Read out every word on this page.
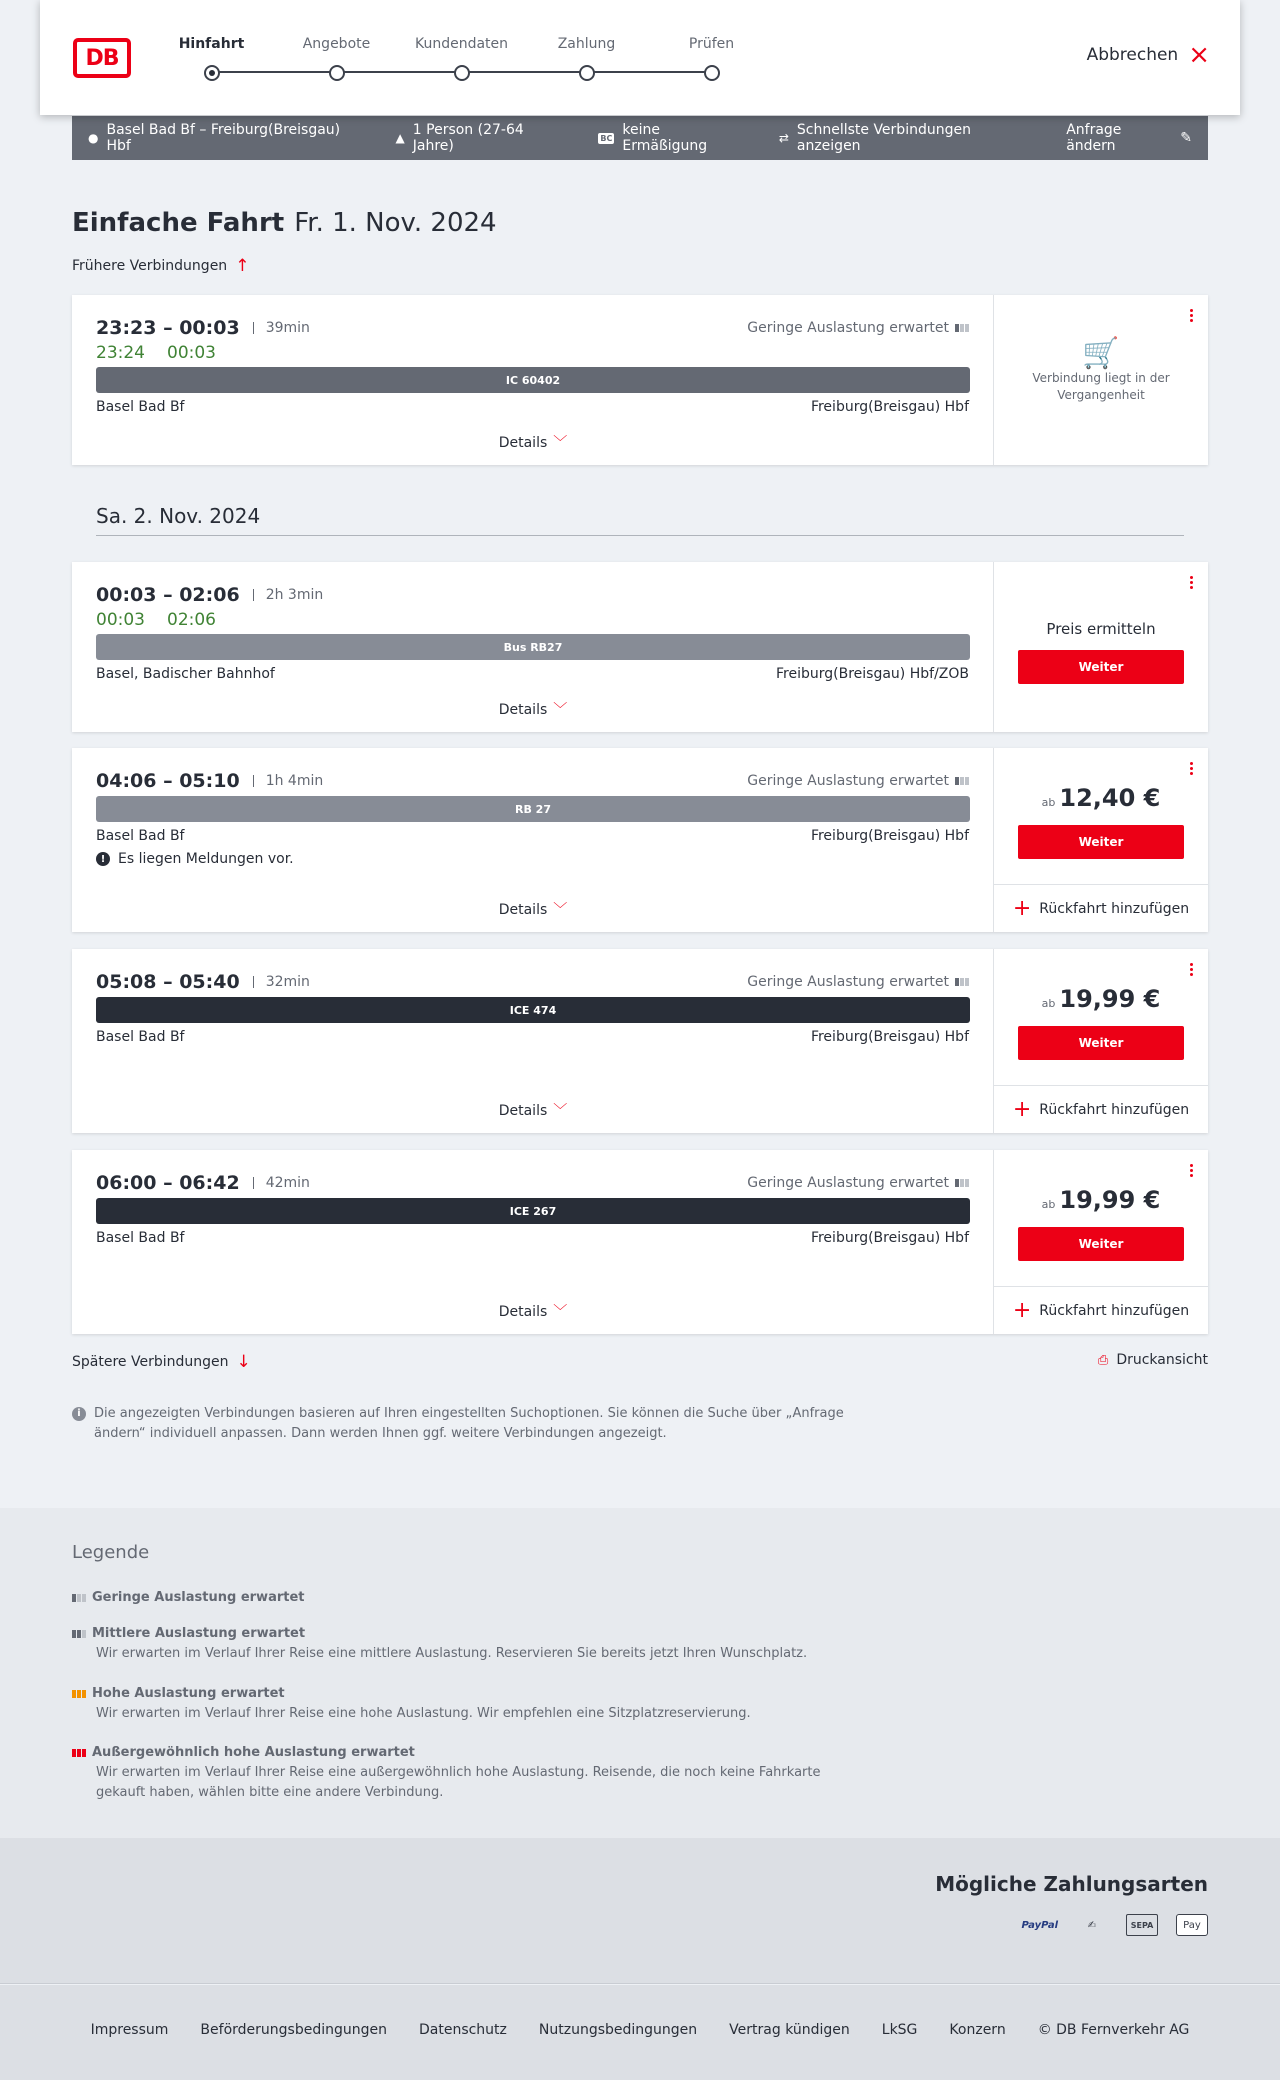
DB
Hinfahrt	Angebote	Kundendaten	Zahlung	Prüfen
Abbrechen ×
● Basel Bad Bf – Freiburg(Breisgau) Hbf	▲ 1 Person (27-64 Jahre)	BC keine Ermäßigung	⇄ Schnellste Verbindungen anzeigen
Anfrage ändern	✎
Einfache Fahrt Fr. 1. Nov. 2024
Frühere Verbindungen ↑
23:23 – 00:03	39min
23:24 00:03
Geringe Auslastung erwartet
IC 60402
Basel Bad Bf	Freiburg(Breisgau) Hbf
Details ﹀
🛒
Verbindung liegt in der Vergangenheit
Sa. 2. Nov. 2024
00:03 – 02:06	2h 3min
00:03 02:06
Bus RB27
Basel, Badischer Bahnhof	Freiburg(Breisgau) Hbf/ZOB
Details ﹀
Preis ermitteln
Weiter
04:06 – 05:10	1h 4min	Geringe Auslastung erwartet
RB 27
Basel Bad Bf	Freiburg(Breisgau) Hbf
! Es liegen Meldungen vor.
Details ﹀
ab 12,40 €
Weiter
+ Rückfahrt hinzufügen
05:08 – 05:40	32min	Geringe Auslastung erwartet
ICE 474
Basel Bad Bf	Freiburg(Breisgau) Hbf
Details ﹀
ab 19,99 €
Weiter
+ Rückfahrt hinzufügen
06:00 – 06:42	42min	Geringe Auslastung erwartet
ICE 267
Basel Bad Bf	Freiburg(Breisgau) Hbf
Details ﹀
ab 19,99 €
Weiter
+ Rückfahrt hinzufügen
Spätere Verbindungen ↓	⎙ Druckansicht
i	Die angezeigten Verbindungen basieren auf Ihren eingestellten Suchoptionen. Sie können die Suche über „Anfrage ändern“ individuell anpassen. Dann werden Ihnen ggf. weitere Verbindungen angezeigt.
Legende
Geringe Auslastung erwartet
Mittlere Auslastung erwartet
Wir erwarten im Verlauf Ihrer Reise eine mittlere Auslastung. Reservieren Sie bereits jetzt Ihren Wunschplatz.
Hohe Auslastung erwartet
Wir erwarten im Verlauf Ihrer Reise eine hohe Auslastung. Wir empfehlen eine Sitzplatzreservierung.
Außergewöhnlich hohe Auslastung erwartet
Wir erwarten im Verlauf Ihrer Reise eine außergewöhnlich hohe Auslastung. Reisende, die noch keine Fahrkarte gekauft haben, wählen bitte eine andere Verbindung.
Mögliche Zahlungsarten
PayPal	✍	SEPA	Pay
Impressum Beförderungsbedingungen Datenschutz Nutzungsbedingungen Vertrag kündigen LkSG Konzern © DB Fernverkehr AG
